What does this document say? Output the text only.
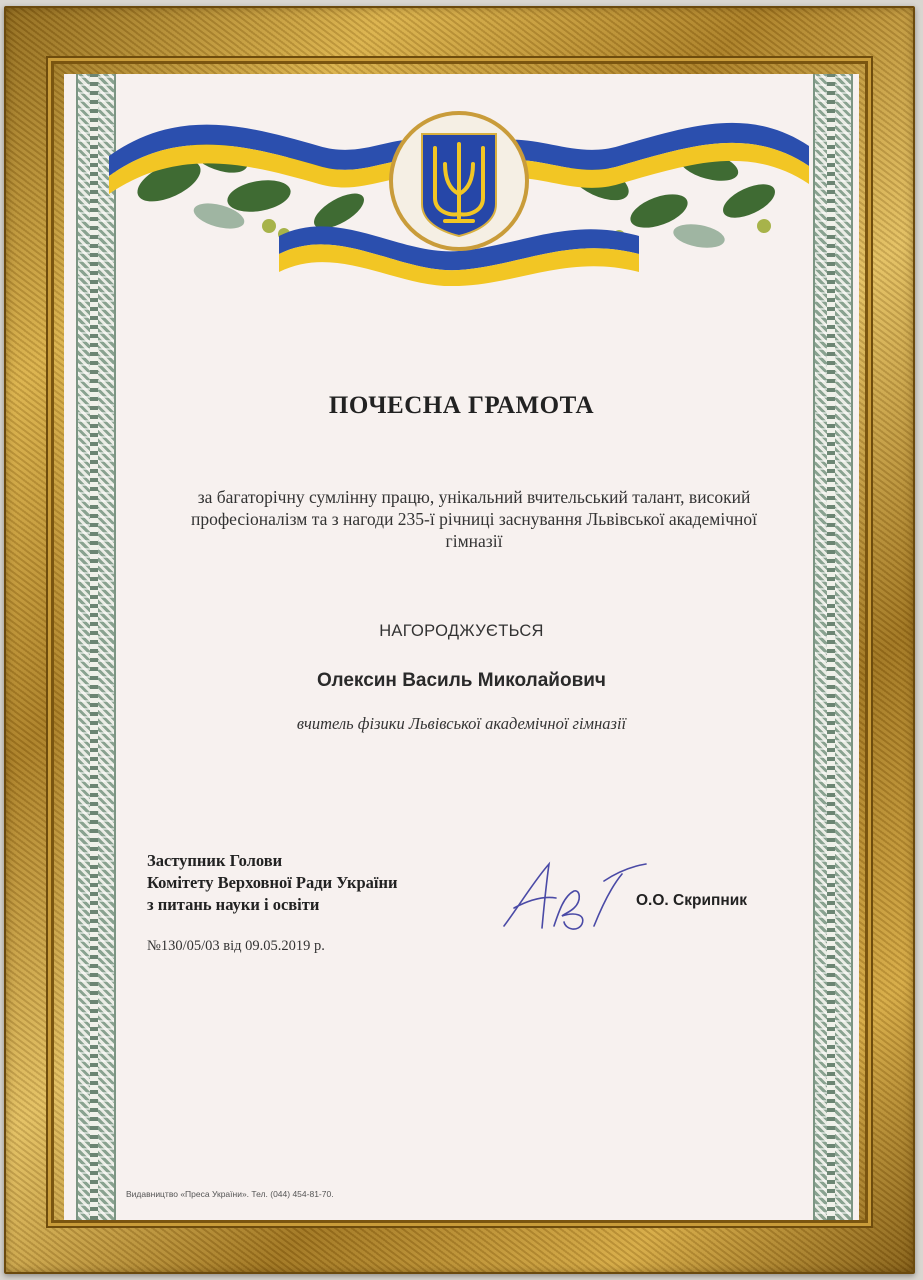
ПОЧЕСНА ГРАМОТА
за багаторічну сумлінну працю, унікальний вчительський талант, високий професіоналізм та з нагоди 235-ї річниці заснування Львівської академічної гімназії
НАГОРОДЖУЄТЬСЯ
Олексин Василь Миколайович
вчитель фізики Львівської академічної гімназії
Заступник Голови
Комітету Верховної Ради України
з питань науки і освіти	О.О. Скрипник
№130/05/03 від 09.05.2019 р.
Видавництво «Преса України». Тел. (044) 454-81-70.
